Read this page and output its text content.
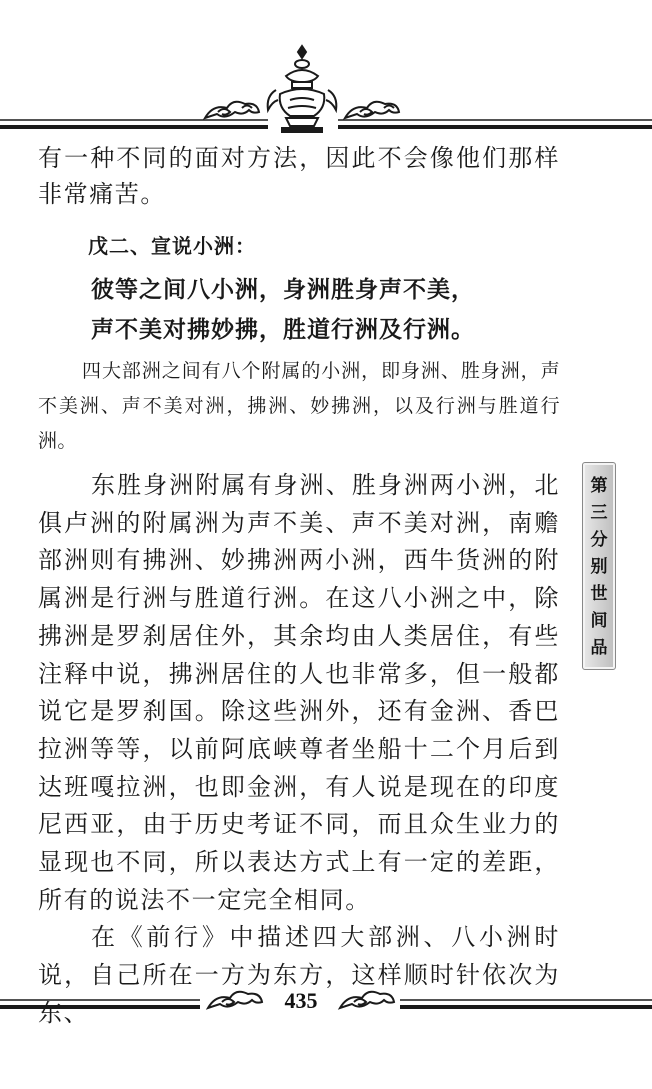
有一种不同的面对方法，因此不会像他们那样非常痛苦。

戊二、宣说小洲：
彼等之间八小洲，身洲胜身声不美，
声不美对拂妙拂，胜道行洲及行洲。

四大部洲之间有八个附属的小洲，即身洲、胜身洲，声不美洲、声不美对洲，拂洲、妙拂洲，以及行洲与胜道行洲。

东胜身洲附属有身洲、胜身洲两小洲，北俱卢洲的附属洲为声不美、声不美对洲，南赡部洲则有拂洲、妙拂洲两小洲，西牛货洲的附属洲是行洲与胜道行洲。在这八小洲之中，除拂洲是罗刹居住外，其余均由人类居住，有些注释中说，拂洲居住的人也非常多，但一般都说它是罗刹国。除这些洲外，还有金洲、香巴拉洲等等，以前阿底峡尊者坐船十二个月后到达班嘎拉洲，也即金洲，有人说是现在的印度尼西亚，由于历史考证不同，而且众生业力的显现也不同，所以表达方式上有一定的差距，所有的说法不一定完全相同。

在《前行》中描述四大部洲、八小洲时说，自己所在一方为东方，这样顺时针依次为东、

第三分别世间品
435
